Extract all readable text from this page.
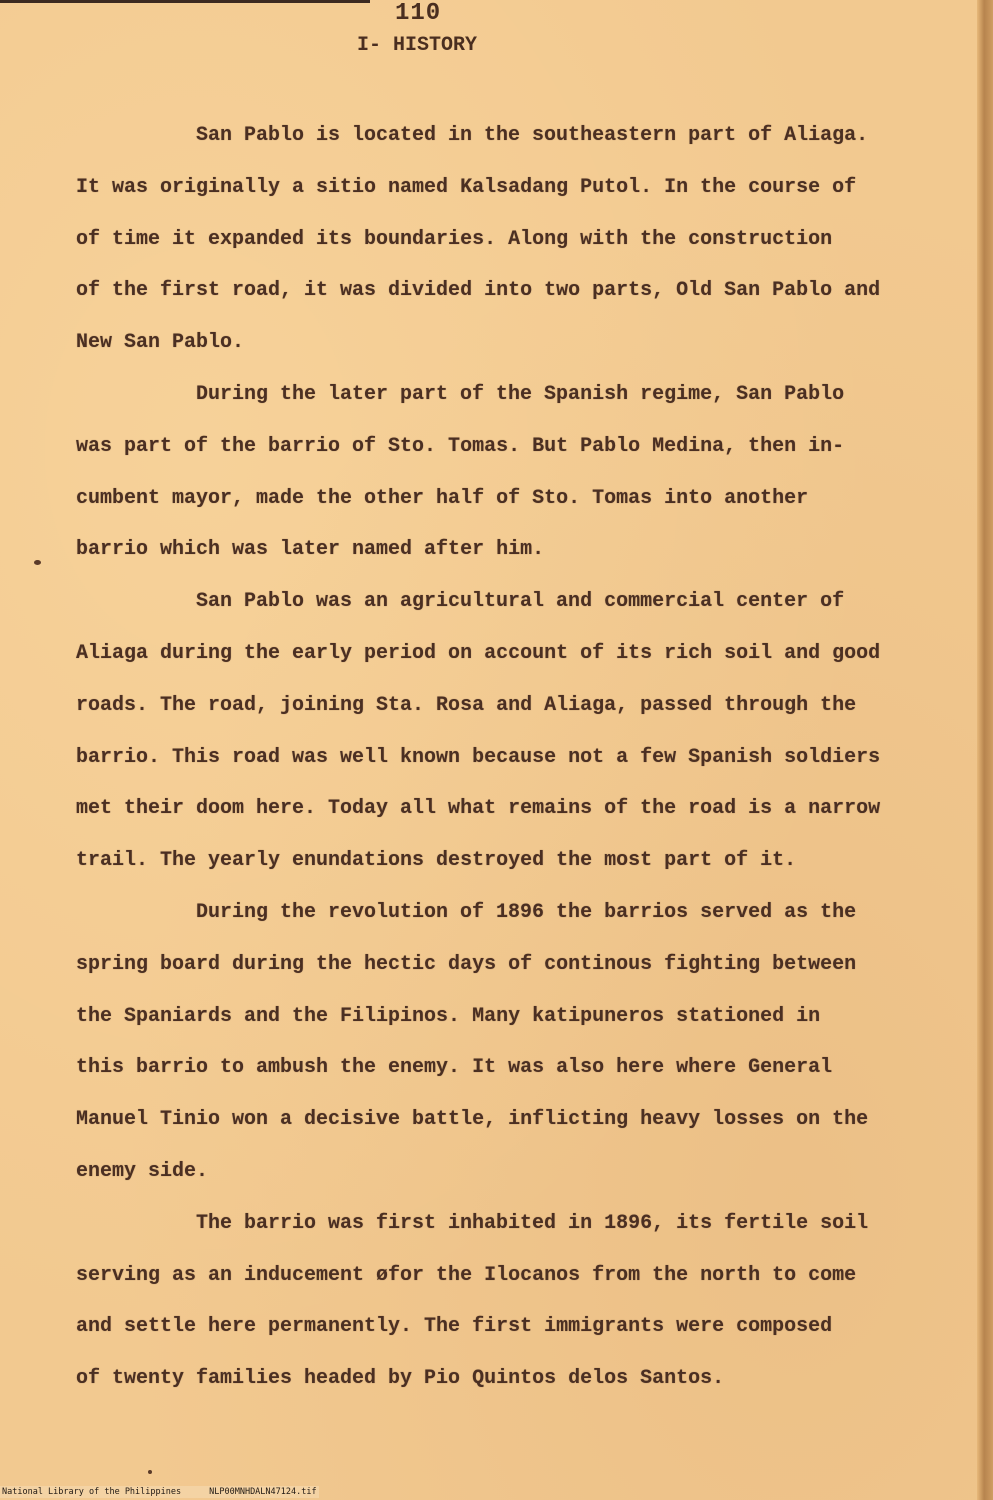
110
I- HISTORY

San Pablo is located in the southeastern part of Aliaga.
It was originally a sitio named Kalsadang Putol. In the course of
of time it expanded its boundaries. Along with the construction
of the first road, it was divided into two parts, Old San Pablo and
New San Pablo.

During the later part of the Spanish regime, San Pablo
was part of the barrio of Sto. Tomas. But Pablo Medina, then in-
cumbent mayor, made the other half of Sto. Tomas into another
barrio which was later named after him.

San Pablo was an agricultural and commercial center of
Aliaga during the early period on account of its rich soil and good
roads. The road, joining Sta. Rosa and Aliaga, passed through the
barrio. This road was well known because not a few Spanish soldiers
met their doom here. Today all what remains of the road is a narrow
trail. The yearly enundations destroyed the most part of it.

During the revolution of 1896 the barrios served as the
spring board during the hectic days of continous fighting between
the Spaniards and the Filipinos. Many katipuneros stationed in
this barrio to ambush the enemy. It was also here where General
Manuel Tinio won a decisive battle, inflicting heavy losses on the
enemy side.

The barrio was first inhabited in 1896, its fertile soil
serving as an inducement øfor the Ilocanos from the north to come
and settle here permanently. The first immigrants were composed
of twenty families headed by Pio Quintos delos Santos.

National Library of the Philippines	NLP00MNHDALN47124.tif
